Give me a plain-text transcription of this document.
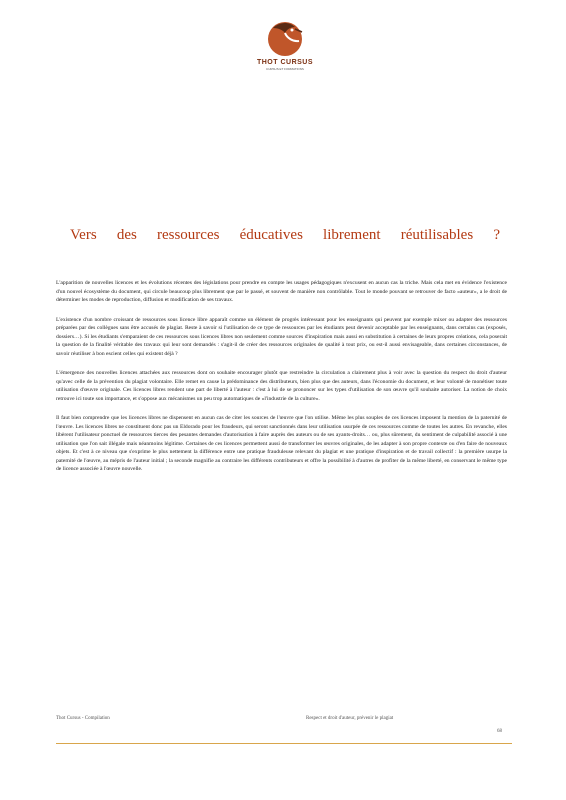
THOT CURSUS
CURSUS ET FORMATIONS
Vers des ressources éducatives librement réutilisables ?

L'apparition de nouvelles licences et les évolutions récentes des législations pour prendre en compte les usages pédagogiques n'excusent en aucun cas la triche. Mais cela met en évidence l'existence d'un nouvel écosystème du document, qui circule beaucoup plus librement que par le passé, et souvent de manière non contrôlable. Tout le monde pouvant se retrouver de facto «auteur», a le droit de déterminer les modes de reproduction, diffusion et modification de ses travaux.

L'existence d'un nombre croissant de ressources sous licence libre apparaît comme un élément de progrès intéressant pour les enseignants qui peuvent par exemple mixer ou adapter des ressources préparées par des collègues sans être accusés de plagiat. Reste à savoir si l'utilisation de ce type de ressources par les étudiants peut devenir acceptable par les enseignants, dans certains cas (exposés, dossiers…). Si les étudiants s'emparaient de ces ressources sous licences libres non seulement comme sources d'inspiration mais aussi en substitution à certaines de leurs propres créations, cela poserait la question de la finalité véritable des travaux qui leur sont demandés : s'agit-il de créer des ressources originales de qualité à tout prix, ou est-il aussi envisageable, dans certaines circonstances, de savoir réutiliser à bon escient celles qui existent déjà ?

L'émergence des nouvelles licences attachées aux ressources dont on souhaite encourager plutôt que restreindre la circulation a clairement plus à voir avec la question du respect du droit d'auteur qu'avec celle de la prévention du plagiat volontaire. Elle remet en cause la prédominance des distributeurs, bien plus que des auteurs, dans l'économie du document, et leur volonté de monétiser toute utilisation d'œuvre originale. Ces licences libres rendent une part de liberté à l'auteur : c'est à lui de se prononcer sur les types d'utilisation de son œuvre qu'il souhaite autoriser. La notion de choix retrouve ici toute son importance, et s'oppose aux mécanismes un peu trop automatiques de «l'industrie de la culture».

Il faut bien comprendre que les licences libres ne dispensent en aucun cas de citer les sources de l'œuvre que l'on utilise. Même les plus souples de ces licences imposent la mention de la paternité de l'œuvre. Les licences libres ne constituent donc pas un Eldorado pour les fraudeurs, qui seront sanctionnés dans leur utilisation usurpée de ces ressources comme de toutes les autres. En revanche, elles libèrent l'utilisateur ponctuel de ressources tierces des pesantes demandes d'autorisation à faire auprès des auteurs ou de ses ayants-droits… ou, plus sûrement, du sentiment de culpabilité associé à une utilisation que l'on sait illégale mais néanmoins légitime. Certaines de ces licences permettent aussi de transformer les œuvres originales, de les adapter à son propre contexte ou d'en faire de nouveaux objets. Et c'est à ce niveau que s'exprime le plus nettement la différence entre une pratique frauduleuse relevant du plagiat et une pratique d'inspiration et de travail collectif : la première usurpe la paternité de l'œuvre, au mépris de l'auteur initial ; la seconde magnifie au contraire les différents contributeurs et offre la possibilité à d'autres de profiter de la même liberté, en conservant le même type de licence associée à l'œuvre nouvelle.

Thot Cursus - Compilation	Respect et droit d'auteur, prévenir le plagiat
68
